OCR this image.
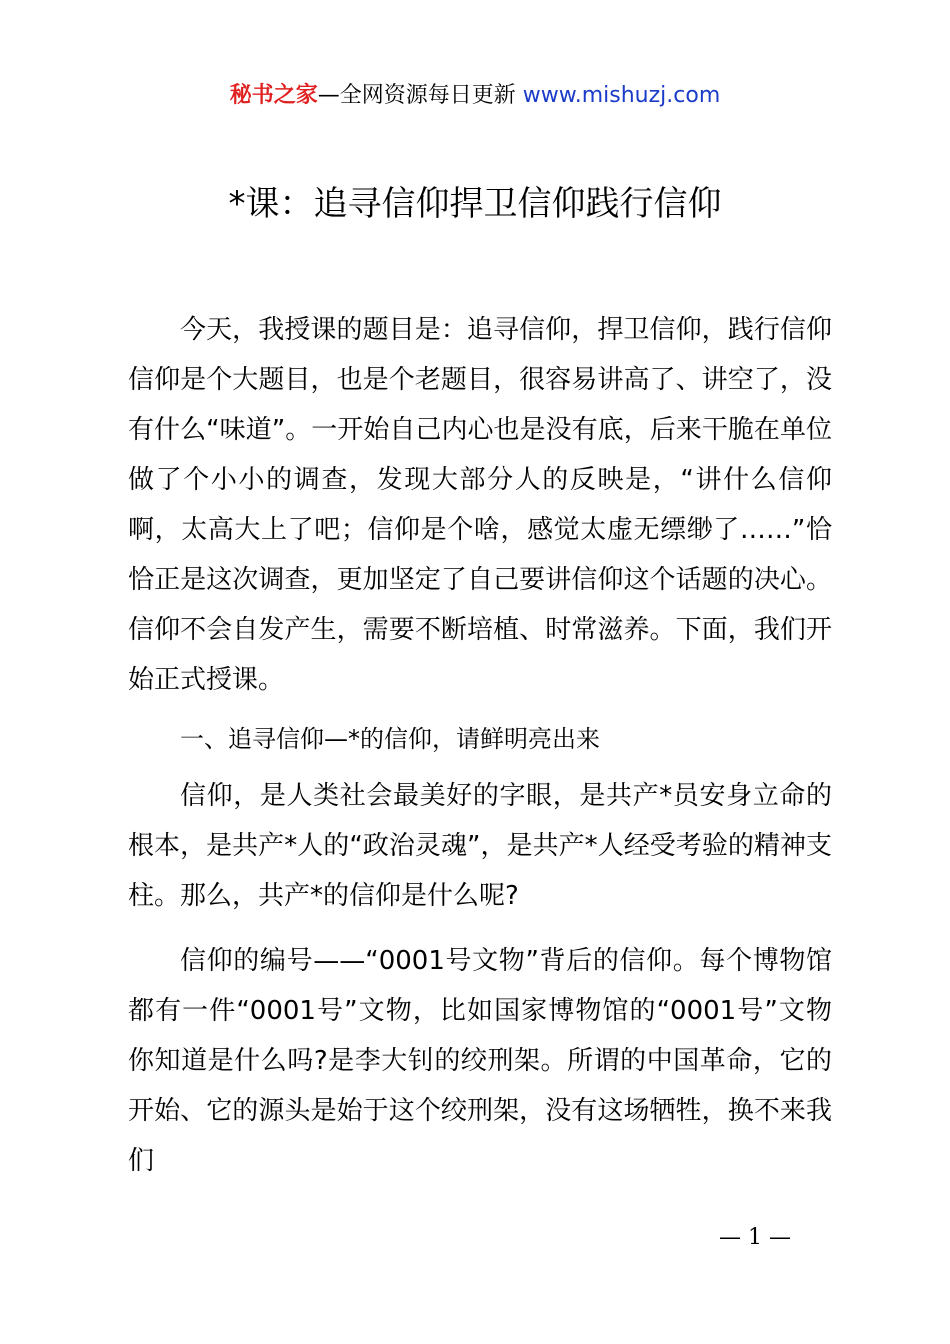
秘书之家—全网资源每日更新 www.mishuzj.com
*课：追寻信仰捍卫信仰践行信仰

今天，我授课的题目是：追寻信仰，捍卫信仰，践行信仰信仰是个大题目，也是个老题目，很容易讲高了、讲空了，没有什么“味道”。一开始自己内心也是没有底，后来干脆在单位做了个小小的调查，发现大部分人的反映是，“讲什么信仰啊，太高大上了吧；信仰是个啥，感觉太虚无缥缈了……”恰恰正是这次调查，更加坚定了自己要讲信仰这个话题的决心。信仰不会自发产生，需要不断培植、时常滋养。下面，我们开始正式授课。

一、追寻信仰—*的信仰，请鲜明亮出来

信仰，是人类社会最美好的字眼，是共产*员安身立命的根本，是共产*人的“政治灵魂”，是共产*人经受考验的精神支柱。那么，共产*的信仰是什么呢?

信仰的编号——“0001号文物”背后的信仰。每个博物馆都有一件“0001号”文物，比如国家博物馆的“0001号”文物你知道是什么吗?是李大钊的绞刑架。所谓的中国革命，它的开始、它的源头是始于这个绞刑架，没有这场牺牲，换不来我们

— 1 —
